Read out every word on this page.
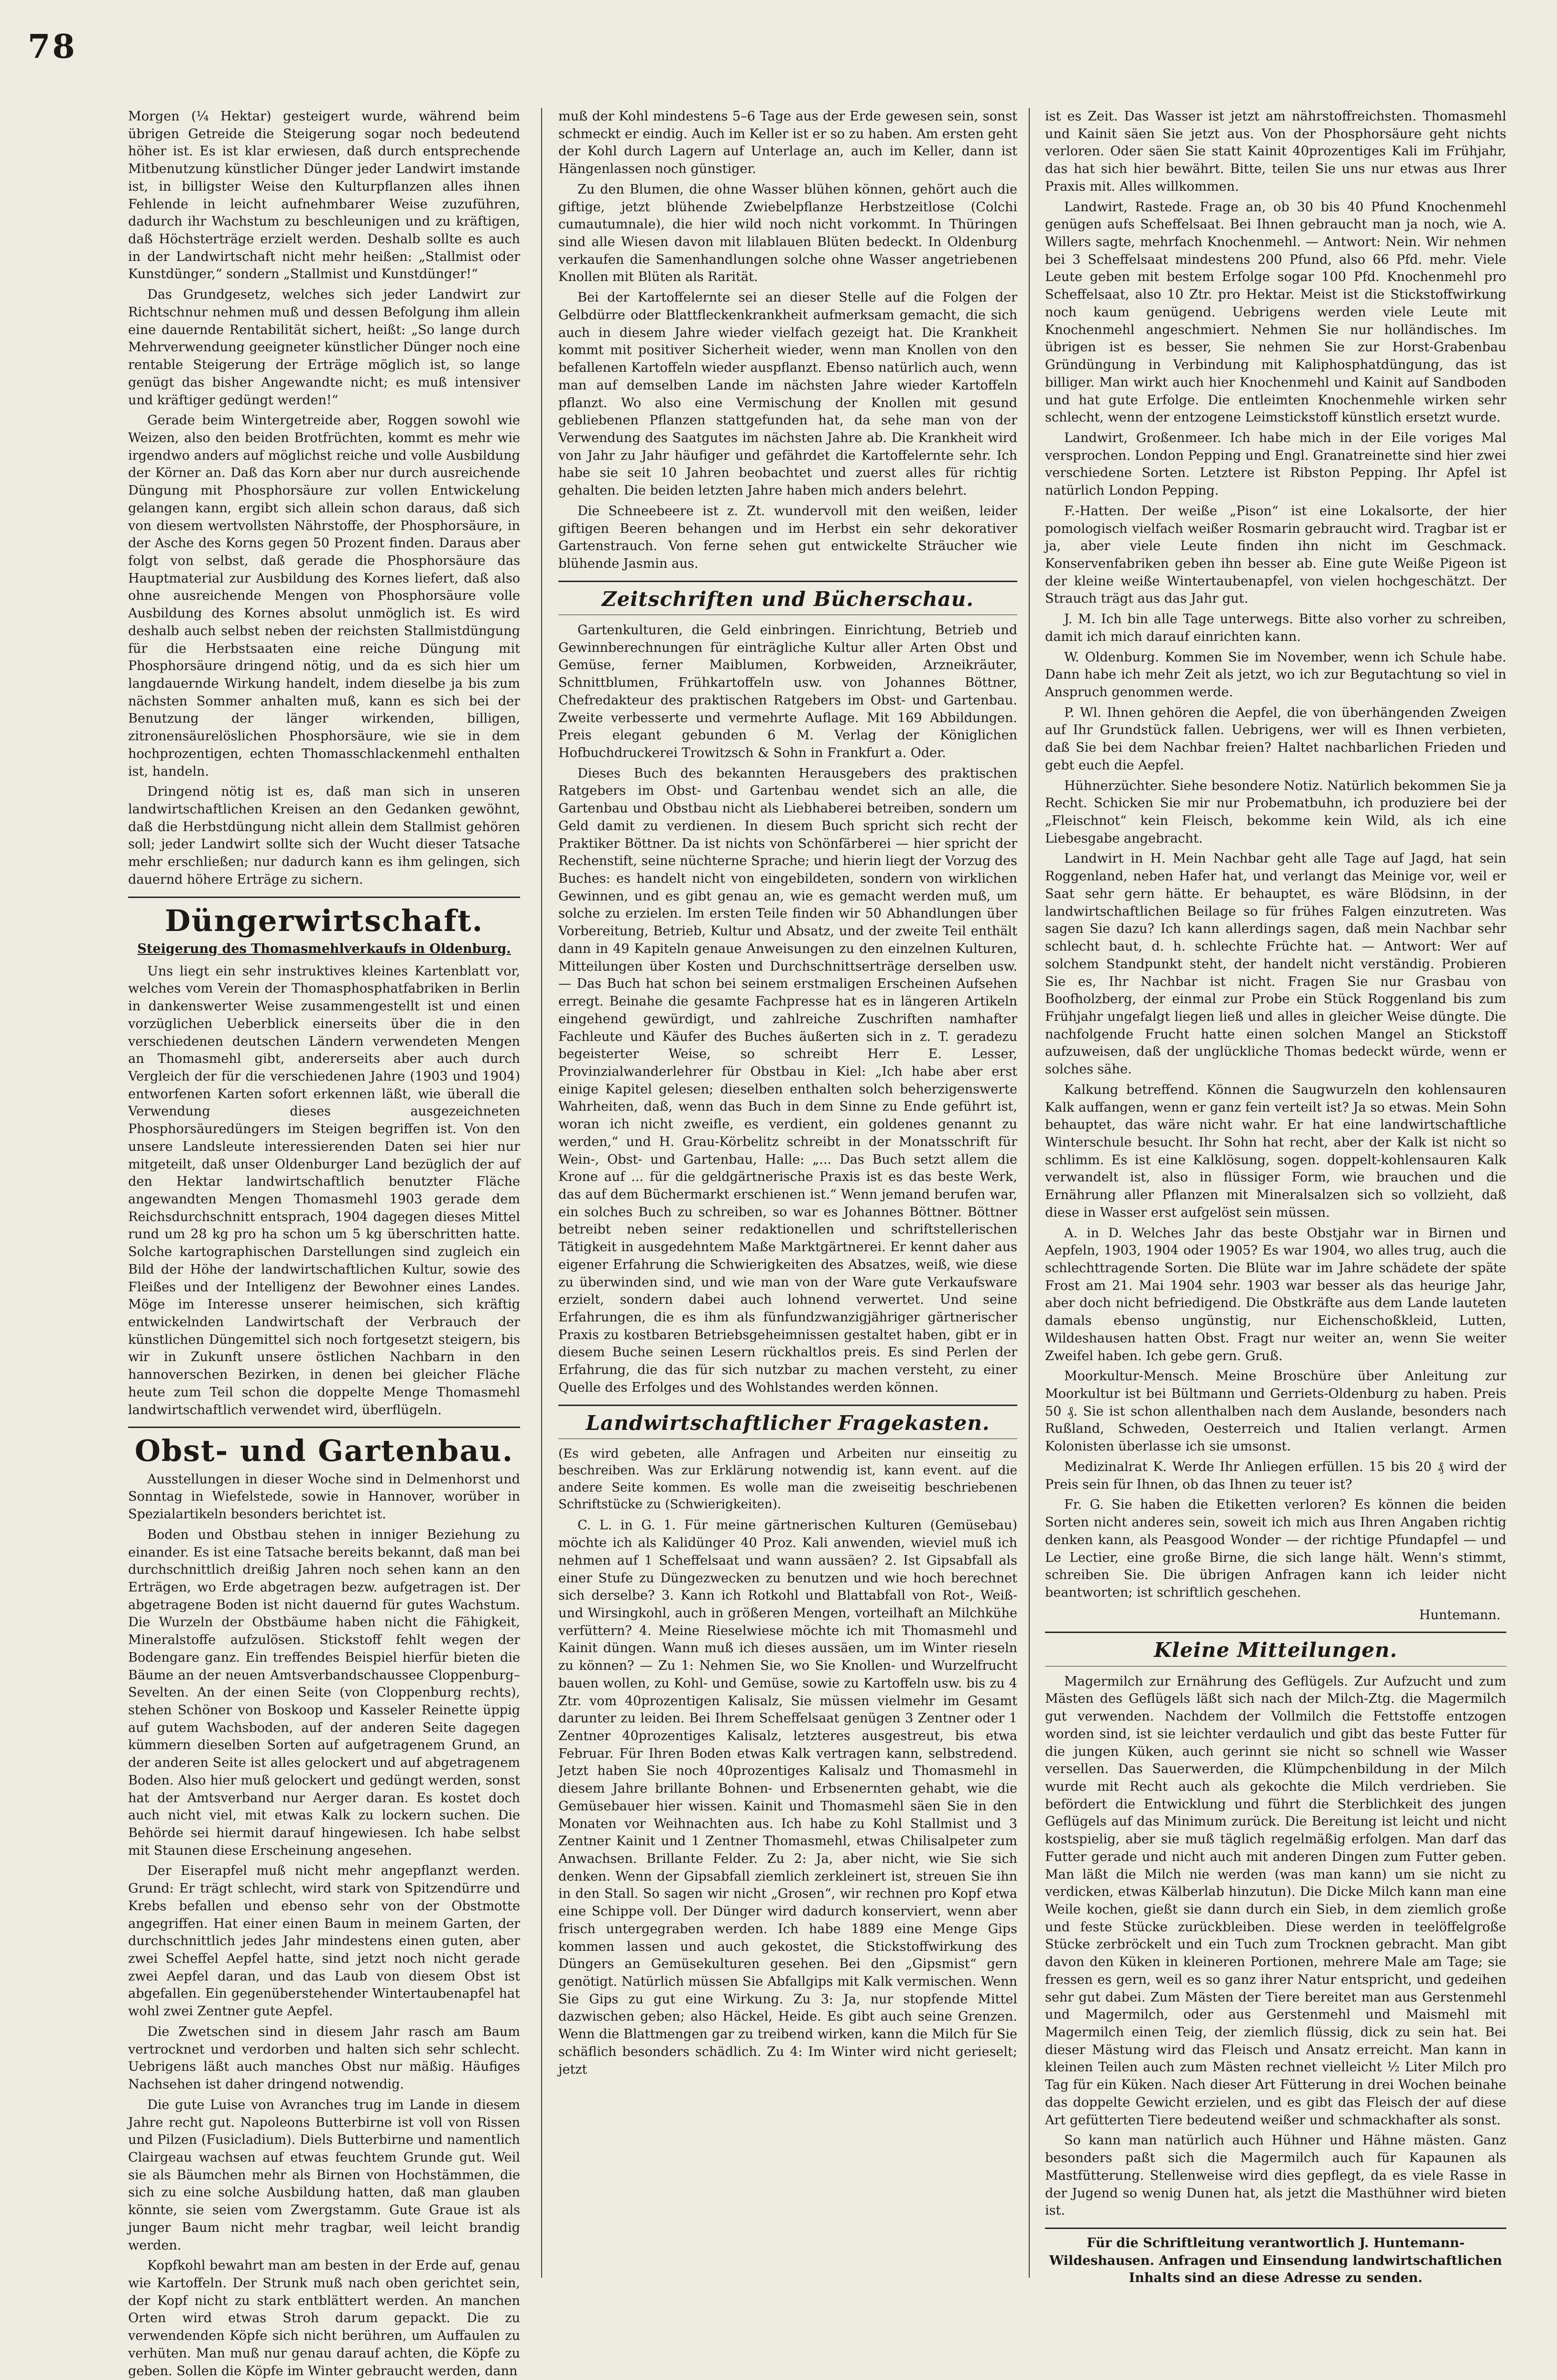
78

Morgen (¼ Hektar) gesteigert wurde, während beim übrigen Getreide die Steigerung sogar noch bedeutend höher ist. Es ist klar erwiesen, daß durch entsprechende Mitbenutzung künstlicher Dünger jeder Landwirt imstande ist, in billigster Weise den Kulturpflanzen alles ihnen Fehlende in leicht aufnehmbarer Weise zuzuführen, dadurch ihr Wachstum zu beschleunigen und zu kräftigen, daß Höchsterträge erzielt werden. Deshalb sollte es auch in der Landwirtschaft nicht mehr heißen: „Stallmist oder Kunstdünger,“ sondern „Stallmist und Kunstdünger!“

Das Grundgesetz, welches sich jeder Landwirt zur Richtschnur nehmen muß und dessen Befolgung ihm allein eine dauernde Rentabilität sichert, heißt: „So lange durch Mehrverwendung geeigneter künstlicher Dünger noch eine rentable Steigerung der Erträge möglich ist, so lange genügt das bisher Angewandte nicht; es muß intensiver und kräftiger gedüngt werden!“

Gerade beim Wintergetreide aber, Roggen sowohl wie Weizen, also den beiden Brotfrüchten, kommt es mehr wie irgendwo anders auf möglichst reiche und volle Ausbildung der Körner an. Daß das Korn aber nur durch ausreichende Düngung mit Phosphorsäure zur vollen Entwickelung gelangen kann, ergibt sich allein schon daraus, daß sich von diesem wertvollsten Nährstoffe, der Phosphorsäure, in der Asche des Korns gegen 50 Prozent finden. Daraus aber folgt von selbst, daß gerade die Phosphorsäure das Hauptmaterial zur Ausbildung des Kornes liefert, daß also ohne ausreichende Mengen von Phosphorsäure volle Ausbildung des Kornes absolut unmöglich ist. Es wird deshalb auch selbst neben der reichsten Stallmistdüngung für die Herbstsaaten eine reiche Düngung mit Phosphorsäure dringend nötig, und da es sich hier um langdauernde Wirkung handelt, indem dieselbe ja bis zum nächsten Sommer anhalten muß, kann es sich bei der Benutzung der länger wirkenden, billigen, zitronensäurelöslichen Phosphorsäure, wie sie in dem hochprozentigen, echten Thomasschlackenmehl enthalten ist, handeln.

Dringend nötig ist es, daß man sich in unseren landwirtschaftlichen Kreisen an den Gedanken gewöhnt, daß die Herbstdüngung nicht allein dem Stallmist gehören soll; jeder Landwirt sollte sich der Wucht dieser Tatsache mehr erschließen; nur dadurch kann es ihm gelingen, sich dauernd höhere Erträge zu sichern.

Düngerwirtschaft.
Steigerung des Thomasmehlverkaufs in Oldenburg.

Uns liegt ein sehr instruktives kleines Kartenblatt vor, welches vom Verein der Thomasphosphatfabriken in Berlin in dankenswerter Weise zusammengestellt ist und einen vorzüglichen Ueberblick einerseits über die in den verschiedenen deutschen Ländern verwendeten Mengen an Thomasmehl gibt, andererseits aber auch durch Vergleich der für die verschiedenen Jahre (1903 und 1904) entworfenen Karten sofort erkennen läßt, wie überall die Verwendung dieses ausgezeichneten Phosphorsäuredüngers im Steigen begriffen ist. Von den unsere Landsleute interessierenden Daten sei hier nur mitgeteilt, daß unser Oldenburger Land bezüglich der auf den Hektar landwirtschaftlich benutzter Fläche angewandten Mengen Thomasmehl 1903 gerade dem Reichsdurchschnitt entsprach, 1904 dagegen dieses Mittel rund um 28 kg pro ha schon um 5 kg überschritten hatte. Solche kartographischen Darstellungen sind zugleich ein Bild der Höhe der landwirtschaftlichen Kultur, sowie des Fleißes und der Intelligenz der Bewohner eines Landes. Möge im Interesse unserer heimischen, sich kräftig entwickelnden Landwirtschaft der Verbrauch der künstlichen Düngemittel sich noch fortgesetzt steigern, bis wir in Zukunft unsere östlichen Nachbarn in den hannoverschen Bezirken, in denen bei gleicher Fläche heute zum Teil schon die doppelte Menge Thomasmehl landwirtschaftlich verwendet wird, überflügeln.

Obst- und Gartenbau.

Ausstellungen in dieser Woche sind in Delmenhorst und Sonntag in Wiefelstede, sowie in Hannover, worüber in Spezialartikeln besonders berichtet ist.

Boden und Obstbau stehen in inniger Beziehung zu einander. Es ist eine Tatsache bereits bekannt, daß man bei durchschnittlich dreißig Jahren noch sehen kann an den Erträgen, wo Erde abgetragen bezw. aufgetragen ist. Der abgetragene Boden ist nicht dauernd für gutes Wachstum. Die Wurzeln der Obstbäume haben nicht die Fähigkeit, Mineralstoffe aufzulösen. Stickstoff fehlt wegen der Bodengare ganz. Ein treffendes Beispiel hierfür bieten die Bäume an der neuen Amtsverbandschaussee Cloppenburg–Sevelten. An der einen Seite (von Cloppenburg rechts), stehen Schöner von Boskoop und Kasseler Reinette üppig auf gutem Wachsboden, auf der anderen Seite dagegen kümmern dieselben Sorten auf aufgetragenem Grund, an der anderen Seite ist alles gelockert und auf abgetragenem Boden. Also hier muß gelockert und gedüngt werden, sonst hat der Amtsverband nur Aerger daran. Es kostet doch auch nicht viel, mit etwas Kalk zu lockern suchen. Die Behörde sei hiermit darauf hingewiesen. Ich habe selbst mit Staunen diese Erscheinung angesehen.

Der Eiserapfel muß nicht mehr angepflanzt werden. Grund: Er trägt schlecht, wird stark von Spitzendürre und Krebs befallen und ebenso sehr von der Obstmotte angegriffen. Hat einer einen Baum in meinem Garten, der durchschnittlich jedes Jahr mindestens einen guten, aber zwei Scheffel Aepfel hatte, sind jetzt noch nicht gerade zwei Aepfel daran, und das Laub von diesem Obst ist abgefallen. Ein gegenüberstehender Wintertaubenapfel hat wohl zwei Zentner gute Aepfel.

Die Zwetschen sind in diesem Jahr rasch am Baum vertrocknet und verdorben und halten sich sehr schlecht. Uebrigens läßt auch manches Obst nur mäßig. Häufiges Nachsehen ist daher dringend notwendig.

Die gute Luise von Avranches trug im Lande in diesem Jahre recht gut. Napoleons Butterbirne ist voll von Rissen und Pilzen (Fusicladium). Diels Butterbirne und namentlich Clairgeau wachsen auf etwas feuchtem Grunde gut. Weil sie als Bäumchen mehr als Birnen von Hochstämmen, die sich zu eine solche Ausbildung hatten, daß man glauben könnte, sie seien vom Zwergstamm. Gute Graue ist als junger Baum nicht mehr tragbar, weil leicht brandig werden.

Kopfkohl bewahrt man am besten in der Erde auf, genau wie Kartoffeln. Der Strunk muß nach oben gerichtet sein, der Kopf nicht zu stark entblättert werden. An manchen Orten wird etwas Stroh darum gepackt. Die zu verwendenden Köpfe sich nicht berühren, um Auffaulen zu verhüten. Man muß nur genau darauf achten, die Köpfe zu geben. Sollen die Köpfe im Winter gebraucht werden, dann

muß der Kohl mindestens 5–6 Tage aus der Erde gewesen sein, sonst schmeckt er eindig. Auch im Keller ist er so zu haben. Am ersten geht der Kohl durch Lagern auf Unterlage an, auch im Keller, dann ist Hängenlassen noch günstiger.

Zu den Blumen, die ohne Wasser blühen können, gehört auch die giftige, jetzt blühende Zwiebelpflanze Herbstzeitlose (Colchi cumautumnale), die hier wild noch nicht vorkommt. In Thüringen sind alle Wiesen davon mit lilablauen Blüten bedeckt. In Oldenburg verkaufen die Samenhandlungen solche ohne Wasser angetriebenen Knollen mit Blüten als Rarität.

Bei der Kartoffelernte sei an dieser Stelle auf die Folgen der Gelbdürre oder Blattfleckenkrankheit aufmerksam gemacht, die sich auch in diesem Jahre wieder vielfach gezeigt hat. Die Krankheit kommt mit positiver Sicherheit wieder, wenn man Knollen von den befallenen Kartoffeln wieder auspflanzt. Ebenso natürlich auch, wenn man auf demselben Lande im nächsten Jahre wieder Kartoffeln pflanzt. Wo also eine Vermischung der Knollen mit gesund gebliebenen Pflanzen stattgefunden hat, da sehe man von der Verwendung des Saatgutes im nächsten Jahre ab. Die Krankheit wird von Jahr zu Jahr häufiger und gefährdet die Kartoffelernte sehr. Ich habe sie seit 10 Jahren beobachtet und zuerst alles für richtig gehalten. Die beiden letzten Jahre haben mich anders belehrt.

Die Schneebeere ist z. Zt. wundervoll mit den weißen, leider giftigen Beeren behangen und im Herbst ein sehr dekorativer Gartenstrauch. Von ferne sehen gut entwickelte Sträucher wie blühende Jasmin aus.

Zeitschriften und Bücherschau.

Gartenkulturen, die Geld einbringen. Einrichtung, Betrieb und Gewinnberechnungen für einträgliche Kultur aller Arten Obst und Gemüse, ferner Maiblumen, Korbweiden, Arzneikräuter, Schnittblumen, Frühkartoffeln usw. von Johannes Böttner, Chefredakteur des praktischen Ratgebers im Obst- und Gartenbau. Zweite verbesserte und vermehrte Auflage. Mit 169 Abbildungen. Preis elegant gebunden 6 M. Verlag der Königlichen Hofbuchdruckerei Trowitzsch & Sohn in Frankfurt a. Oder.

Dieses Buch des bekannten Herausgebers des praktischen Ratgebers im Obst- und Gartenbau wendet sich an alle, die Gartenbau und Obstbau nicht als Liebhaberei betreiben, sondern um Geld damit zu verdienen. In diesem Buch spricht sich recht der Praktiker Böttner. Da ist nichts von Schönfärberei — hier spricht der Rechenstift, seine nüchterne Sprache; und hierin liegt der Vorzug des Buches: es handelt nicht von eingebildeten, sondern von wirklichen Gewinnen, und es gibt genau an, wie es gemacht werden muß, um solche zu erzielen. Im ersten Teile finden wir 50 Abhandlungen über Vorbereitung, Betrieb, Kultur und Absatz, und der zweite Teil enthält dann in 49 Kapiteln genaue Anweisungen zu den einzelnen Kulturen, Mitteilungen über Kosten und Durchschnittserträge derselben usw. — Das Buch hat schon bei seinem erstmaligen Erscheinen Aufsehen erregt. Beinahe die gesamte Fachpresse hat es in längeren Artikeln eingehend gewürdigt, und zahlreiche Zuschriften namhafter Fachleute und Käufer des Buches äußerten sich in z. T. geradezu begeisterter Weise, so schreibt Herr E. Lesser, Provinzialwanderlehrer für Obstbau in Kiel: „Ich habe aber erst einige Kapitel gelesen; dieselben enthalten solch beherzigenswerte Wahrheiten, daß, wenn das Buch in dem Sinne zu Ende geführt ist, woran ich nicht zweifle, es verdient, ein goldenes genannt zu werden,“ und H. Grau-Körbelitz schreibt in der Monatsschrift für Wein-, Obst- und Gartenbau, Halle: „... Das Buch setzt allem die Krone auf ... für die geldgärtnerische Praxis ist es das beste Werk, das auf dem Büchermarkt erschienen ist.“ Wenn jemand berufen war, ein solches Buch zu schreiben, so war es Johannes Böttner. Böttner betreibt neben seiner redaktionellen und schriftstellerischen Tätigkeit in ausgedehntem Maße Marktgärtnerei. Er kennt daher aus eigener Erfahrung die Schwierigkeiten des Absatzes, weiß, wie diese zu überwinden sind, und wie man von der Ware gute Verkaufsware erzielt, sondern dabei auch lohnend verwertet. Und seine Erfahrungen, die es ihm als fünfundzwanzigjähriger gärtnerischer Praxis zu kostbaren Betriebsgeheimnissen gestaltet haben, gibt er in diesem Buche seinen Lesern rückhaltlos preis. Es sind Perlen der Erfahrung, die das für sich nutzbar zu machen versteht, zu einer Quelle des Erfolges und des Wohlstandes werden können.

Landwirtschaftlicher Fragekasten.
(Es wird gebeten, alle Anfragen und Arbeiten nur einseitig zu beschreiben. Was zur Erklärung notwendig ist, kann event. auf die andere Seite kommen. Es wolle man die zweiseitig beschriebenen Schriftstücke zu (Schwierigkeiten).

C. L. in G. 1. Für meine gärtnerischen Kulturen (Gemüsebau) möchte ich als Kalidünger 40 Proz. Kali anwenden, wieviel muß ich nehmen auf 1 Scheffelsaat und wann aussäen? 2. Ist Gipsabfall als einer Stufe zu Düngezwecken zu benutzen und wie hoch berechnet sich derselbe? 3. Kann ich Rotkohl und Blattabfall von Rot-, Weiß- und Wirsingkohl, auch in größeren Mengen, vorteilhaft an Milchkühe verfüttern? 4. Meine Rieselwiese möchte ich mit Thomasmehl und Kainit düngen. Wann muß ich dieses aussäen, um im Winter rieseln zu können? — Zu 1: Nehmen Sie, wo Sie Knollen- und Wurzelfrucht bauen wollen, zu Kohl- und Gemüse, sowie zu Kartoffeln usw. bis zu 4 Ztr. vom 40prozentigen Kalisalz, Sie müssen vielmehr im Gesamt darunter zu leiden. Bei Ihrem Scheffelsaat genügen 3 Zentner oder 1 Zentner 40prozentiges Kalisalz, letzteres ausgestreut, bis etwa Februar. Für Ihren Boden etwas Kalk vertragen kann, selbstredend. Jetzt haben Sie noch 40prozentiges Kalisalz und Thomasmehl in diesem Jahre brillante Bohnen- und Erbsenernten gehabt, wie die Gemüsebauer hier wissen. Kainit und Thomasmehl säen Sie in den Monaten vor Weihnachten aus. Ich habe zu Kohl Stallmist und 3 Zentner Kainit und 1 Zentner Thomasmehl, etwas Chilisalpeter zum Anwachsen. Brillante Felder. Zu 2: Ja, aber nicht, wie Sie sich denken. Wenn der Gipsabfall ziemlich zerkleinert ist, streuen Sie ihn in den Stall. So sagen wir nicht „Grosen“, wir rechnen pro Kopf etwa eine Schippe voll. Der Dünger wird dadurch konserviert, wenn aber frisch untergegraben werden. Ich habe 1889 eine Menge Gips kommen lassen und auch gekostet, die Stickstoffwirkung des Düngers an Gemüsekulturen gesehen. Bei den „Gipsmist“ gern genötigt. Natürlich müssen Sie Abfallgips mit Kalk vermischen. Wenn Sie Gips zu gut eine Wirkung. Zu 3: Ja, nur stopfende Mittel dazwischen geben; also Häckel, Heide. Es gibt auch seine Grenzen. Wenn die Blattmengen gar zu treibend wirken, kann die Milch für Sie schäflich besonders schädlich. Zu 4: Im Winter wird nicht gerieselt; jetzt

ist es Zeit. Das Wasser ist jetzt am nährstoffreichsten. Thomasmehl und Kainit säen Sie jetzt aus. Von der Phosphorsäure geht nichts verloren. Oder säen Sie statt Kainit 40prozentiges Kali im Frühjahr, das hat sich hier bewährt. Bitte, teilen Sie uns nur etwas aus Ihrer Praxis mit. Alles willkommen.

Landwirt, Rastede. Frage an, ob 30 bis 40 Pfund Knochenmehl genügen aufs Scheffelsaat. Bei Ihnen gebraucht man ja noch, wie A. Willers sagte, mehrfach Knochenmehl. — Antwort: Nein. Wir nehmen bei 3 Scheffelsaat mindestens 200 Pfund, also 66 Pfd. mehr. Viele Leute geben mit bestem Erfolge sogar 100 Pfd. Knochenmehl pro Scheffelsaat, also 10 Ztr. pro Hektar. Meist ist die Stickstoffwirkung noch kaum genügend. Uebrigens werden viele Leute mit Knochenmehl angeschmiert. Nehmen Sie nur holländisches. Im übrigen ist es besser, Sie nehmen Sie zur Horst-Grabenbau Gründüngung in Verbindung mit Kaliphosphatdüngung, das ist billiger. Man wirkt auch hier Knochenmehl und Kainit auf Sandboden und hat gute Erfolge. Die entleimten Knochenmehle wirken sehr schlecht, wenn der entzogene Leimstickstoff künstlich ersetzt wurde.

Landwirt, Großenmeer. Ich habe mich in der Eile voriges Mal versprochen. London Pepping und Engl. Granatreinette sind hier zwei verschiedene Sorten. Letztere ist Ribston Pepping. Ihr Apfel ist natürlich London Pepping.

F.-Hatten. Der weiße „Pison“ ist eine Lokalsorte, der hier pomologisch vielfach weißer Rosmarin gebraucht wird. Tragbar ist er ja, aber viele Leute finden ihn nicht im Geschmack. Konservenfabriken geben ihn besser ab. Eine gute Weiße Pigeon ist der kleine weiße Wintertaubenapfel, von vielen hochgeschätzt. Der Strauch trägt aus das Jahr gut.

J. M. Ich bin alle Tage unterwegs. Bitte also vorher zu schreiben, damit ich mich darauf einrichten kann.

W. Oldenburg. Kommen Sie im November, wenn ich Schule habe. Dann habe ich mehr Zeit als jetzt, wo ich zur Begutachtung so viel in Anspruch genommen werde.

P. Wl. Ihnen gehören die Aepfel, die von überhängenden Zweigen auf Ihr Grundstück fallen. Uebrigens, wer will es Ihnen verbieten, daß Sie bei dem Nachbar freien? Haltet nachbarlichen Frieden und gebt euch die Aepfel.

Hühnerzüchter. Siehe besondere Notiz. Natürlich bekommen Sie ja Recht. Schicken Sie mir nur Probematbuhn, ich produziere bei der „Fleischnot“ kein Fleisch, bekomme kein Wild, als ich eine Liebesgabe angebracht.

Landwirt in H. Mein Nachbar geht alle Tage auf Jagd, hat sein Roggenland, neben Hafer hat, und verlangt das Meinige vor, weil er Saat sehr gern hätte. Er behauptet, es wäre Blödsinn, in der landwirtschaftlichen Beilage so für frühes Falgen einzutreten. Was sagen Sie dazu? Ich kann allerdings sagen, daß mein Nachbar sehr schlecht baut, d. h. schlechte Früchte hat. — Antwort: Wer auf solchem Standpunkt steht, der handelt nicht verständig. Probieren Sie es, Ihr Nachbar ist nicht. Fragen Sie nur Grasbau von Boofholzberg, der einmal zur Probe ein Stück Roggenland bis zum Frühjahr ungefalgt liegen ließ und alles in gleicher Weise düngte. Die nachfolgende Frucht hatte einen solchen Mangel an Stickstoff aufzuweisen, daß der unglückliche Thomas bedeckt würde, wenn er solches sähe.

Kalkung betreffend. Können die Saugwurzeln den kohlensauren Kalk auffangen, wenn er ganz fein verteilt ist? Ja so etwas. Mein Sohn behauptet, das wäre nicht wahr. Er hat eine landwirtschaftliche Winterschule besucht. Ihr Sohn hat recht, aber der Kalk ist nicht so schlimm. Es ist eine Kalklösung, sogen. doppelt-kohlensauren Kalk verwandelt ist, also in flüssiger Form, wie brauchen und die Ernährung aller Pflanzen mit Mineralsalzen sich so vollzieht, daß diese in Wasser erst aufgelöst sein müssen.

A. in D. Welches Jahr das beste Obstjahr war in Birnen und Aepfeln, 1903, 1904 oder 1905? Es war 1904, wo alles trug, auch die schlechttragende Sorten. Die Blüte war im Jahre schädete der späte Frost am 21. Mai 1904 sehr. 1903 war besser als das heurige Jahr, aber doch nicht befriedigend. Die Obstkräfte aus dem Lande lauteten damals ebenso ungünstig, nur Eichenschoßkleid, Lutten, Wildeshausen hatten Obst. Fragt nur weiter an, wenn Sie weiter Zweifel haben. Ich gebe gern. Gruß.

Moorkultur-Mensch. Meine Broschüre über Anleitung zur Moorkultur ist bei Bültmann und Gerriets-Oldenburg zu haben. Preis 50 ₰. Sie ist schon allenthalben nach dem Auslande, besonders nach Rußland, Schweden, Oesterreich und Italien verlangt. Armen Kolonisten überlasse ich sie umsonst.

Medizinalrat K. Werde Ihr Anliegen erfüllen. 15 bis 20 ₰ wird der Preis sein für Ihnen, ob das Ihnen zu teuer ist?

Fr. G. Sie haben die Etiketten verloren? Es können die beiden Sorten nicht anderes sein, soweit ich mich aus Ihren Angaben richtig denken kann, als Peasgood Wonder — der richtige Pfundapfel — und Le Lectier, eine große Birne, die sich lange hält. Wenn's stimmt, schreiben Sie. Die übrigen Anfragen kann ich leider nicht beantworten; ist schriftlich geschehen.

Huntemann.
Kleine Mitteilungen.

Magermilch zur Ernährung des Geflügels. Zur Aufzucht und zum Mästen des Geflügels läßt sich nach der Milch-Ztg. die Magermilch gut verwenden. Nachdem der Vollmilch die Fettstoffe entzogen worden sind, ist sie leichter verdaulich und gibt das beste Futter für die jungen Küken, auch gerinnt sie nicht so schnell wie Wasser versellen. Das Sauerwerden, die Klümpchenbildung in der Milch wurde mit Recht auch als gekochte die Milch verdrieben. Sie befördert die Entwicklung und führt die Sterblichkeit des jungen Geflügels auf das Minimum zurück. Die Bereitung ist leicht und nicht kostspielig, aber sie muß täglich regelmäßig erfolgen. Man darf das Futter gerade und nicht auch mit anderen Dingen zum Futter geben. Man läßt die Milch nie werden (was man kann) um sie nicht zu verdicken, etwas Kälberlab hinzutun). Die Dicke Milch kann man eine Weile kochen, gießt sie dann durch ein Sieb, in dem ziemlich große und feste Stücke zurückbleiben. Diese werden in teelöffelgroße Stücke zerbröckelt und ein Tuch zum Trocknen gebracht. Man gibt davon den Küken in kleineren Portionen, mehrere Male am Tage; sie fressen es gern, weil es so ganz ihrer Natur entspricht, und gedeihen sehr gut dabei. Zum Mästen der Tiere bereitet man aus Gerstenmehl und Magermilch, oder aus Gerstenmehl und Maismehl mit Magermilch einen Teig, der ziemlich flüssig, dick zu sein hat. Bei dieser Mästung wird das Fleisch und Ansatz erreicht. Man kann in kleinen Teilen auch zum Mästen rechnet vielleicht ½ Liter Milch pro Tag für ein Küken. Nach dieser Art Fütterung in drei Wochen beinahe das doppelte Gewicht erzielen, und es gibt das Fleisch der auf diese Art gefütterten Tiere bedeutend weißer und schmackhafter als sonst.

So kann man natürlich auch Hühner und Hähne mästen. Ganz besonders paßt sich die Magermilch auch für Kapaunen als Mastfütterung. Stellenweise wird dies gepflegt, da es viele Rasse in der Jugend so wenig Dunen hat, als jetzt die Masthühner wird bieten ist.

Für die Schriftleitung verantwortlich J. Huntemann-Wildeshausen. Anfragen und Einsendung landwirtschaftlichen Inhalts sind an diese Adresse zu senden.
